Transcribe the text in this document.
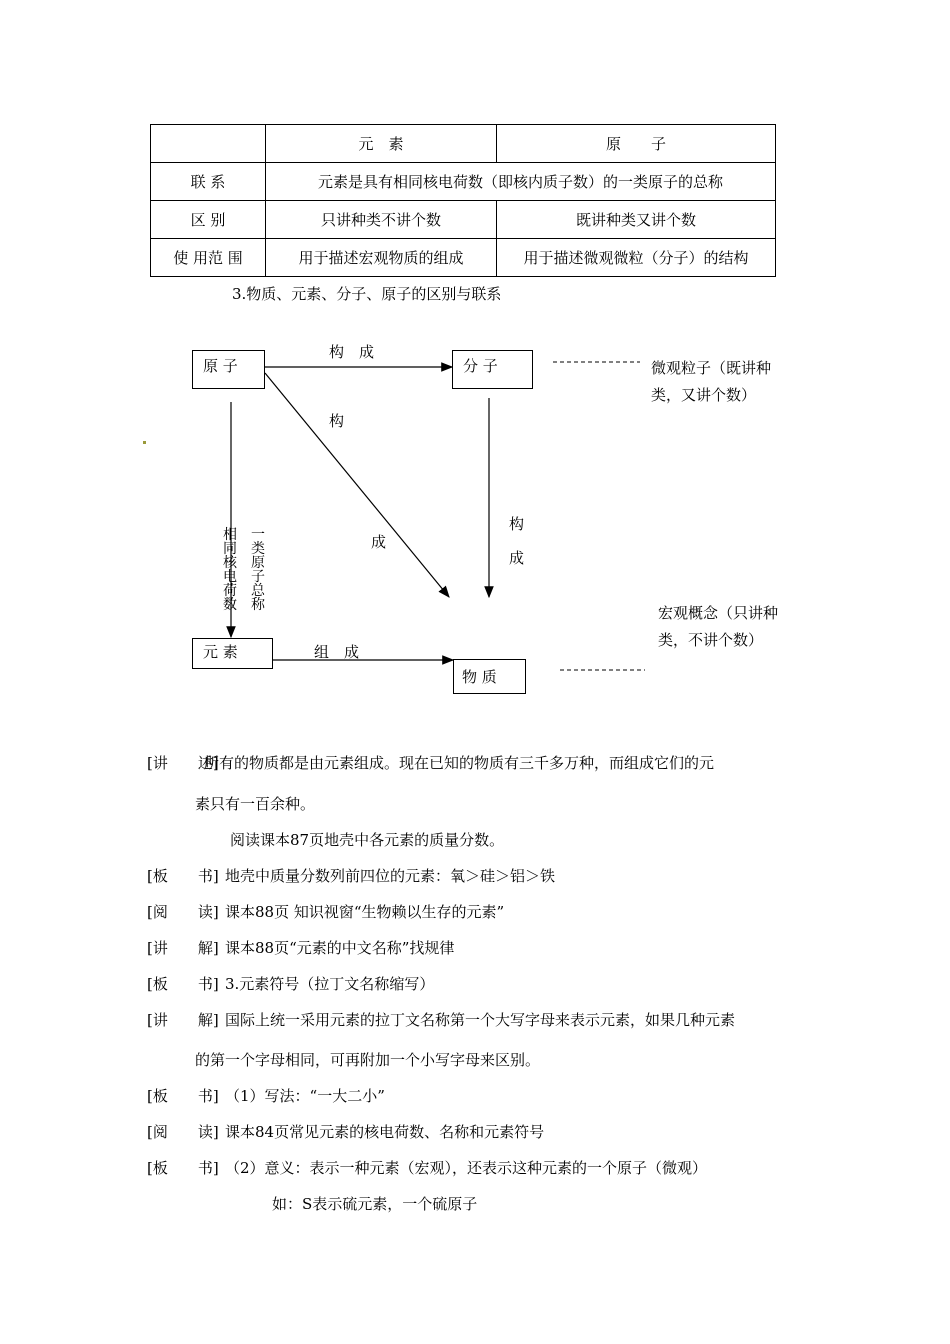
	元　素	原　　子
联 系	元素是具有相同核电荷数（即核内质子数）的一类原子的总称	
区 别	只讲种类不讲个数	既讲种类又讲个数
使 用范 围	用于描述宏观物质的组成	用于描述微观微粒（分子）的结构
3.物质、元素、分子、原子的区别与联系
原 子	分 子
元 素
物 质
构　成
构
成
构
成
组　成
相同核电荷数
一类原子总称
微观粒子（既讲种类，又讲个数）
宏观概念（只讲种类，不讲个数）
[讲　　述]
所有的物质都是由元素组成。现在已知的物质有三千多万种，而组成它们的元
素只有一百余种。
阅读课本87页地壳中各元素的质量分数。
[板　　书] 地壳中质量分数列前四位的元素：氧＞硅＞铝＞铁
[阅　　读] 课本88页 知识视窗“生物赖以生存的元素”
[讲　　解] 课本88页“元素的中文名称”找规律
[板　　书] 3.元素符号（拉丁文名称缩写）
[讲　　解] 国际上统一采用元素的拉丁文名称第一个大写字母来表示元素，如果几种元素
的第一个字母相同，可再附加一个小写字母来区别。
[板　　书] （1）写法：“一大二小”
[阅　　读] 课本84页常见元素的核电荷数、名称和元素符号
[板　　书] （2）意义：表示一种元素（宏观），还表示这种元素的一个原子（微观）
如：S表示硫元素，一个硫原子
